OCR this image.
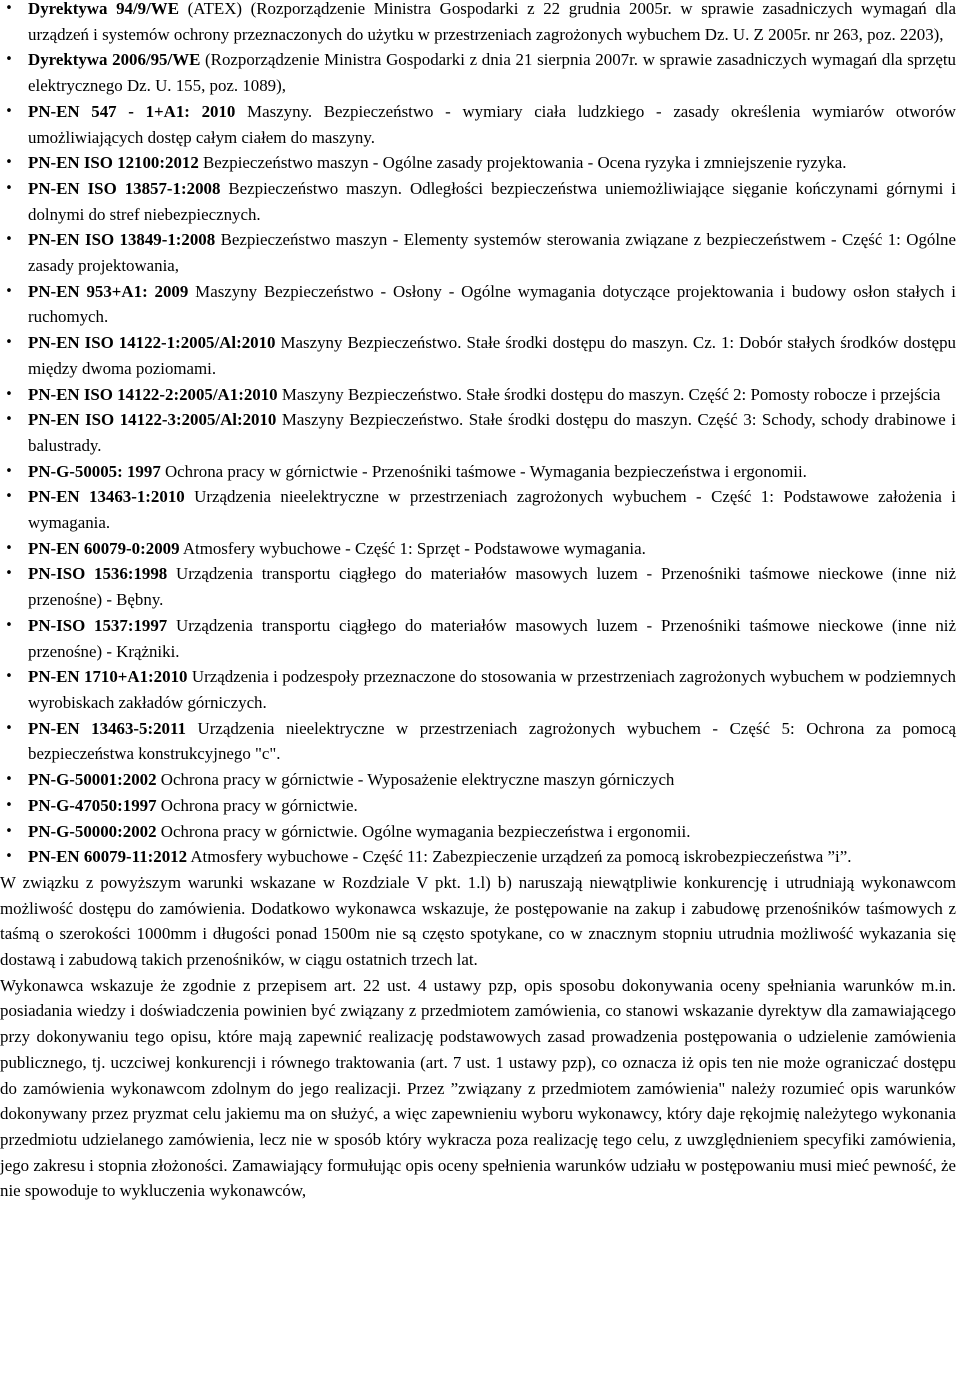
• Dyrektywa 94/9/WE (ATEX) (Rozporządzenie Ministra Gospodarki z 22 grudnia 2005r. w sprawie zasadniczych wymagań dla urządzeń i systemów ochrony przeznaczonych do użytku w przestrzeniach zagrożonych wybuchem Dz. U. Z 2005r. nr 263, poz. 2203),
• Dyrektywa 2006/95/WE (Rozporządzenie Ministra Gospodarki z dnia 21 sierpnia 2007r. w sprawie zasadniczych wymagań dla sprzętu elektrycznego Dz. U. 155, poz. 1089),
• PN-EN 547 - 1+A1: 2010 Maszyny. Bezpieczeństwo - wymiary ciała ludzkiego - zasady określenia wymiarów otworów umożliwiających dostęp całym ciałem do maszyny.
• PN-EN ISO 12100:2012 Bezpieczeństwo maszyn - Ogólne zasady projektowania - Ocena ryzyka i zmniejszenie ryzyka.
• PN-EN ISO 13857-1:2008 Bezpieczeństwo maszyn. Odległości bezpieczeństwa uniemożliwiające sięganie kończynami górnymi i dolnymi do stref niebezpiecznych.
• PN-EN ISO 13849-1:2008 Bezpieczeństwo maszyn - Elementy systemów sterowania związane z bezpieczeństwem - Część 1: Ogólne zasady projektowania,
• PN-EN 953+A1: 2009 Maszyny Bezpieczeństwo - Osłony - Ogólne wymagania dotyczące projektowania i budowy osłon stałych i ruchomych.
• PN-EN ISO 14122-1:2005/Al:2010 Maszyny Bezpieczeństwo. Stałe środki dostępu do maszyn. Cz. 1: Dobór stałych środków dostępu między dwoma poziomami.
• PN-EN ISO 14122-2:2005/A1:2010 Maszyny Bezpieczeństwo. Stałe środki dostępu do maszyn. Część 2: Pomosty robocze i przejścia
• PN-EN ISO 14122-3:2005/Al:2010 Maszyny Bezpieczeństwo. Stałe środki dostępu do maszyn. Część 3: Schody, schody drabinowe i balustrady.
• PN-G-50005: 1997 Ochrona pracy w górnictwie - Przenośniki taśmowe - Wymagania bezpieczeństwa i ergonomii.
• PN-EN 13463-1:2010 Urządzenia nieelektryczne w przestrzeniach zagrożonych wybuchem - Część 1: Podstawowe założenia i wymagania.
• PN-EN 60079-0:2009 Atmosfery wybuchowe - Część 1: Sprzęt - Podstawowe wymagania.
• PN-ISO 1536:1998 Urządzenia transportu ciągłego do materiałów masowych luzem - Przenośniki taśmowe nieckowe (inne niż przenośne) - Bębny.
• PN-ISO 1537:1997 Urządzenia transportu ciągłego do materiałów masowych luzem - Przenośniki taśmowe nieckowe (inne niż przenośne) - Krążniki.
• PN-EN 1710+A1:2010 Urządzenia i podzespoły przeznaczone do stosowania w przestrzeniach zagrożonych wybuchem w podziemnych wyrobiskach zakładów górniczych.
• PN-EN 13463-5:2011 Urządzenia nieelektryczne w przestrzeniach zagrożonych wybuchem - Część 5: Ochrona za pomocą bezpieczeństwa konstrukcyjnego "c".
• PN-G-50001:2002 Ochrona pracy w górnictwie - Wyposażenie elektryczne maszyn górniczych
• PN-G-47050:1997 Ochrona pracy w górnictwie.
• PN-G-50000:2002 Ochrona pracy w górnictwie. Ogólne wymagania bezpieczeństwa i ergonomii.
• PN-EN 60079-11:2012 Atmosfery wybuchowe - Część 11: Zabezpieczenie urządzeń za pomocą iskrobezpieczeństwa ”i”.

W związku z powyższym warunki wskazane w Rozdziale V pkt. 1.l) b) naruszają niewątpliwie konkurencję i utrudniają wykonawcom możliwość dostępu do zamówienia. Dodatkowo wykonawca wskazuje, że postępowanie na zakup i zabudowę przenośników taśmowych z taśmą o szerokości 1000mm i długości ponad 1500m nie są często spotykane, co w znacznym stopniu utrudnia możliwość wykazania się dostawą i zabudową takich przenośników, w ciągu ostatnich trzech lat.

Wykonawca wskazuje że zgodnie z przepisem art. 22 ust. 4 ustawy pzp, opis sposobu dokonywania oceny spełniania warunków m.in. posiadania wiedzy i doświadczenia powinien być związany z przedmiotem zamówienia, co stanowi wskazanie dyrektyw dla zamawiającego przy dokonywaniu tego opisu, które mają zapewnić realizację podstawowych zasad prowadzenia postępowania o udzielenie zamówienia publicznego, tj. uczciwej konkurencji i równego traktowania (art. 7 ust. 1 ustawy pzp), co oznacza iż opis ten nie może ograniczać dostępu do zamówienia wykonawcom zdolnym do jego realizacji. Przez ”związany z przedmiotem zamówienia" należy rozumieć opis warunków dokonywany przez pryzmat celu jakiemu ma on służyć, a więc zapewnieniu wyboru wykonawcy, który daje rękojmię należytego wykonania przedmiotu udzielanego zamówienia, lecz nie w sposób który wykracza poza realizację tego celu, z uwzględnieniem specyfiki zamówienia, jego zakresu i stopnia złożoności. Zamawiający formułując opis oceny spełnienia warunków udziału w postępowaniu musi mieć pewność, że nie spowoduje to wykluczenia wykonawców,
